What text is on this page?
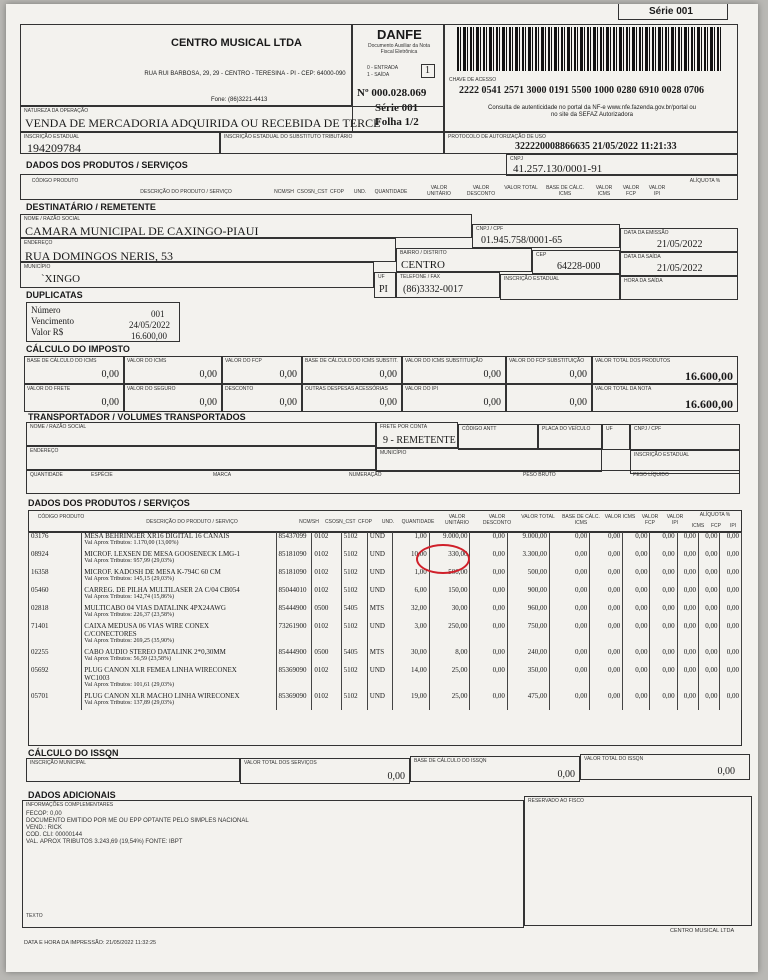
Série 001
CENTRO MUSICAL LTDA
RUA RUI BARBOSA, 29, 29 - CENTRO - TERESINA - PI - CEP: 64000-090
Fone: (86)3221-4413
DANFE
Documento Auxiliar da Nota Fiscal Eletrônica
0 - ENTRADA
1 - SAÍDA	1
Nº 000.028.069
Série 001
Folha 1/2
CHAVE DE ACESSO
2222 0541 2571 3000 0191 5500 1000 0280 6910 0028 0706
Consulta de autenticidade no portal da NF-e www.nfe.fazenda.gov.br/portal ou no site da SEFAZ Autorizadora
NATUREZA DA OPERAÇÃO
VENDA DE MERCADORIA ADQUIRIDA OU RECEBIDA DE TERCE
PROTOCOLO DE AUTORIZAÇÃO DE USO
322220008866635 21/05/2022 11:21:33
INSCRIÇÃO ESTADUAL
194209784
INSCRIÇÃO ESTADUAL DO SUBSTITUTO TRIBUTÁRIO
CNPJ
41.257.130/0001-91
DADOS DOS PRODUTOS / SERVIÇOS
CÓDIGO PRODUTO
DESCRIÇÃO DO PRODUTO / SERVIÇO	NCM/SH CSOSN_CST CFOP	UND.	QUANTIDADE
VALOR UNITÁRIO
VALOR DESCONTO
VALOR TOTAL	BASE DE CÁLC. ICMS
VALOR ICMS
VALOR FCP
VALOR IPI
ALÍQUOTA %
DESTINATÁRIO / REMETENTE
NOME / RAZÃO SOCIAL
CAMARA MUNICIPAL DE CAXINGO-PIAUI	CNPJ / CPF
01.945.758/0001-65
DATA DA EMISSÃO
21/05/2022
ENDEREÇO
RUA DOMINGOS NERIS, 53	BAIRRO / DISTRITO
CENTRO
CEP
64228-000
DATA DA SAÍDA
21/05/2022
MUNICÍPIO
`XINGO	UF
PI
TELEFONE / FAX
(86)3332-0017
INSCRIÇÃO ESTADUAL	HORA DA SAÍDA
DUPLICATAS
Número	001
Vencimento	24/05/2022
Valor R$	16.600,00
CÁLCULO DO IMPOSTO
BASE DE CÁLCULO DO ICMS
0,00
VALOR DO ICMS
0,00
VALOR DO FCP
0,00
BASE DE CÁLCULO DO ICMS SUBSTIT.
0,00
VALOR DO ICMS SUBSTITUIÇÃO
0,00
VALOR DO FCP SUBSTITUIÇÃO
0,00
VALOR TOTAL DOS PRODUTOS
16.600,00
VALOR DO FRETE
0,00
VALOR DO SEGURO
0,00
DESCONTO
0,00
OUTRAS DESPESAS ACESSÓRIAS
0,00
VALOR DO IPI
0,00	0,00
VALOR TOTAL DA NOTA
16.600,00
TRANSPORTADOR / VOLUMES TRANSPORTADOS
NOME / RAZÃO SOCIAL	FRETE POR CONTA
9 - REMETENTE
CÓDIGO ANTT	PLACA DO VEÍCULO	UF	CNPJ / CPF
ENDEREÇO	MUNICÍPIO	INSCRIÇÃO ESTADUAL
QUANTIDADE	ESPÉCIE	MARCA	NUMERAÇÃO	PESO BRUTO	PESO LÍQUIDO
DADOS DOS PRODUTOS / SERVIÇOS
CÓDIGO PRODUTO
DESCRIÇÃO DO PRODUTO / SERVIÇO	NCM/SH	CSOSN_CST CFOP	UND.	QUANTIDADE
VALOR UNITÁRIO
VALOR DESCONTO
VALOR TOTAL	BASE DE CÁLC. ICMS
VALOR ICMS	VALOR FCP
VALOR IPI
ALÍQUOTA %
ICMS	FCP	IPI
03176	MESA BEHRINGER XR16 DIGITAL 16 CANAIS	85437099	0102	5102	UND	1,00	9.000,00	0,00	9.000,00	0,00	0,00	0,00	0,00	0,00	0,00	0,00
	Val Aprox Tributos: 1.170,00 (13,00%)															
08924	MICROF. LEXSEN DE MESA GOOSENECK LMG-1	85181090	0102	5102	UND	10,00	330,00	0,00	3.300,00	0,00	0,00	0,00	0,00	0,00	0,00	0,00
	Val Aprox Tributos: 957,99 (29,03%)															
16358	MICROF. KADOSH DE MESA K-794C 60 CM	85181090	0102	5102	UND	1,00	500,00	0,00	500,00	0,00	0,00	0,00	0,00	0,00	0,00	0,00
	Val Aprox Tributos: 145,15 (29,03%)															
05460	CARREG. DE PILHA MULTILASER 2A C/04 CB054	85044010	0102	5102	UND	6,00	150,00	0,00	900,00	0,00	0,00	0,00	0,00	0,00	0,00	0,00
	Val Aprox Tributos: 142,74 (15,86%)															
02818	MULTICABO 04 VIAS DATALINK 4PX24AWG	85444900	0500	5405	MTS	32,00	30,00	0,00	960,00	0,00	0,00	0,00	0,00	0,00	0,00	0,00
	Val Aprox Tributos: 226,37 (23,58%)															
71401	CAIXA MEDUSA 06 VIAS WIRE CONEX	73261900	0102	5102	UND	3,00	250,00	0,00	750,00	0,00	0,00	0,00	0,00	0,00	0,00	0,00
	C/CONECTORES															
	Val Aprox Tributos: 269,25 (35,90%)															
02255	CABO AUDIO STEREO DATALINK 2*0,30MM	85444900	0500	5405	MTS	30,00	8,00	0,00	240,00	0,00	0,00	0,00	0,00	0,00	0,00	0,00
	Val Aprox Tributos: 56,59 (23,58%)															
05692	PLUG CANON XLR FEMEA LINHA WIRECONEX	85369090	0102	5102	UND	14,00	25,00	0,00	350,00	0,00	0,00	0,00	0,00	0,00	0,00	0,00
	WC1003															
	Val Aprox Tributos: 101,61 (29,03%)															
05701	PLUG CANON XLR MACHO LINHA WIRECONEX	85369090	0102	5102	UND	19,00	25,00	0,00	475,00	0,00	0,00	0,00	0,00	0,00	0,00	0,00
	Val Aprox Tributos: 137,89 (29,03%)															
CÁLCULO DO ISSQN
INSCRIÇÃO MUNICIPAL	VALOR TOTAL DOS SERVIÇOS
0,00
BASE DE CÁLCULO DO ISSQN
0,00
VALOR TOTAL DO ISSQN
0,00
DADOS ADICIONAIS
INFORMAÇÕES COMPLEMENTARES
FECOP: 0,00
DOCUMENTO EMITIDO POR ME OU EPP OPTANTE PELO SIMPLES NACIONAL
VEND.: RICK
COD. CLI: 00000144
VAL. APROX TRIBUTOS 3.243,69 (19,54%) FONTE: IBPT
TEXTO
RESERVADO AO FISCO
DATA E HORA DA IMPRESSÃO: 21/05/2022 11:32:25
CENTRO MUSICAL LTDA
